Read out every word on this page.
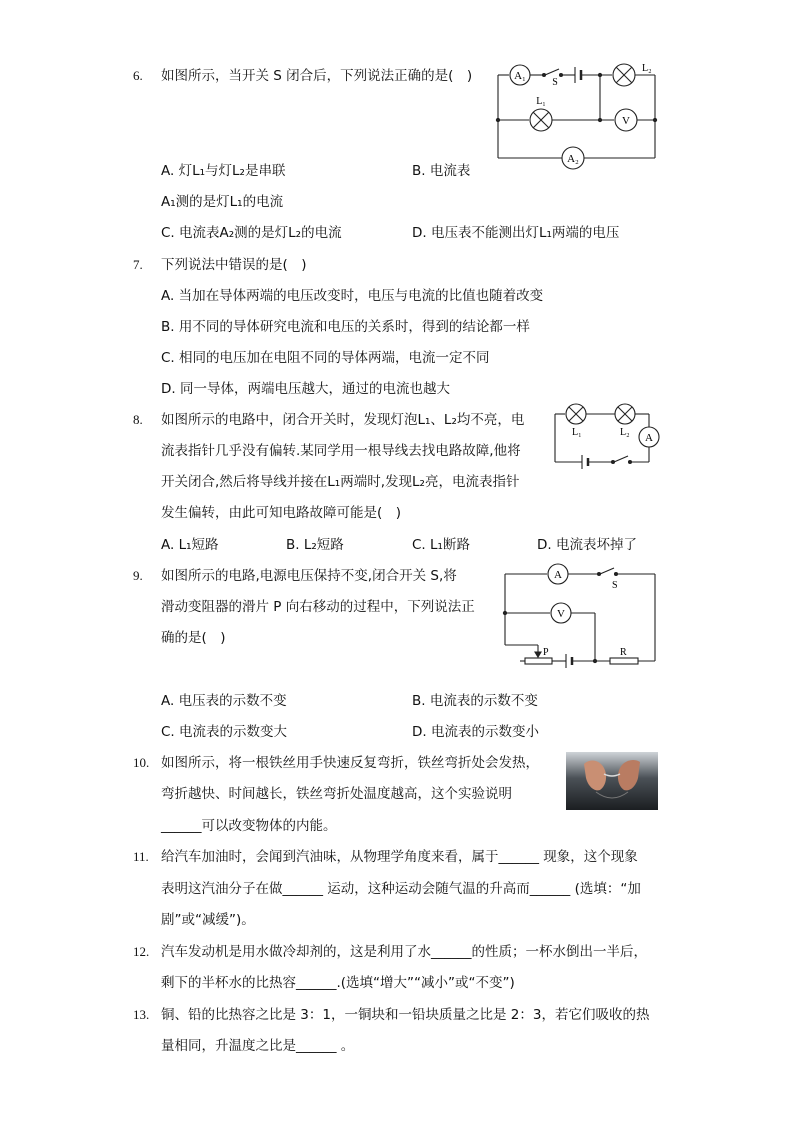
6. 如图所示，当开关 S 闭合后，下列说法正确的是(　)	A₁
S
L₂
L₁
V
A₂
A. 灯L₁与灯L₂是串联	B. 电流表
A₁测的是灯L₁的电流
C. 电流表A₂测的是灯L₂的电流	D. 电压表不能测出灯L₁两端的电压
7. 下列说法中错误的是(　)
A. 当加在导体两端的电压改变时，电压与电流的比值也随着改变
B. 用不同的导体研究电流和电压的关系时，得到的结论都一样
C. 相同的电压加在电阻不同的导体两端，电流一定不同
D. 同一导体，两端电压越大，通过的电流也越大
8. 如图所示的电路中，闭合开关时，发现灯泡L₁、L₂均不亮，电
流表指针几乎没有偏转.某同学用一根导线去找电路故障,他将
开关闭合,然后将导线并接在L₁两端时,发现L₂亮，电流表指针
发生偏转，由此可知电路故障可能是(　)
L₁	L₂ A
A. L₁短路	B. L₂短路	C. L₁断路	D. 电流表坏掉了
9. 如图所示的电路,电源电压保持不变,闭合开关 S,将
滑动变阻器的滑片 P 向右移动的过程中，下列说法正
确的是(　)
A
S
V
P	R
A. 电压表的示数不变	B. 电流表的示数不变
C. 电流表的示数变大	D. 电流表的示数变小
10. 如图所示，将一根铁丝用手快速反复弯折，铁丝弯折处会发热，
弯折越快、时间越长，铁丝弯折处温度越高，这个实验说明
______可以改变物体的内能。
11. 给汽车加油时，会闻到汽油味，从物理学角度来看，属于______ 现象，这个现象
表明这汽油分子在做______ 运动，这种运动会随气温的升高而______ (选填：“加
剧”或“减缓”)。
12. 汽车发动机是用水做冷却剂的，这是利用了水______的性质；一杯水倒出一半后，
剩下的半杯水的比热容______.(选填“增大”“减小”或“不变”)
13. 铜、铅的比热容之比是 3：1，一铜块和一铅块质量之比是 2：3，若它们吸收的热
量相同，升温度之比是______ 。
